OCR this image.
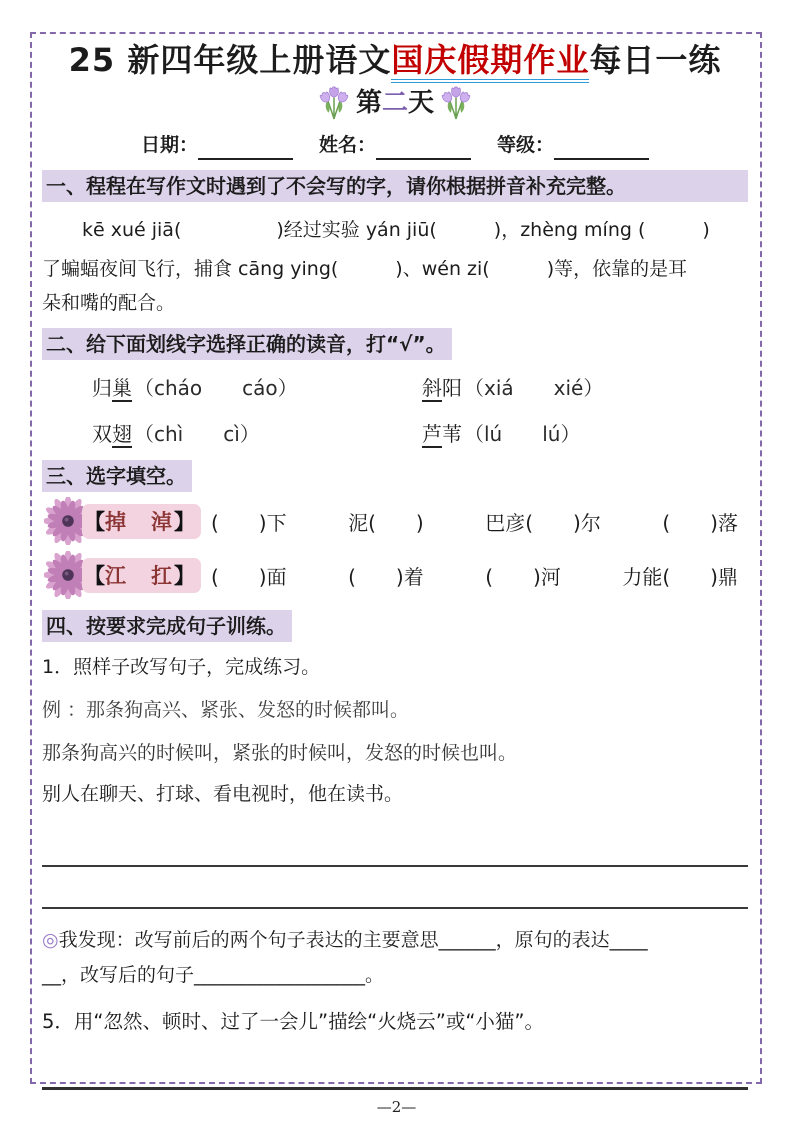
25 新四年级上册语文国庆假期作业每日一练
第二天
日期：	姓名：	等级：
一、程程在写作文时遇到了不会写的字，请你根据拼音补充完整。

kē xué jiā(　　　　　)经过实验 yán jiū(　　　)，zhèng míng (　　　)

了蝙蝠夜间飞行，捕食 cāng ying(　　　)、wén zi(　　　)等，依靠的是耳

朵和嘴的配合。

二、给下面划线字选择正确的读音，打“√”。
归巢 （cháo　　cáo）	斜阳 （xiá　　xié）
双翅 （chì　　cì）	芦苇 （lú　　lú）
三、选字填空。
【掉　淖】 (　　)下	泥(　　)	巴彦(　　)尔	(　　)落
【江　扛】 (　　)面	(　　)着	(　　)河	力能(　　)鼎
四、按要求完成句子训练。

1．照样子改写句子，完成练习。

例 ：那条狗高兴、紧张、发怒的时候都叫。

那条狗高兴的时候叫，紧张的时候叫，发怒的时候也叫。

别人在聊天、打球、看电视时，他在读书。

◎我发现：改写前后的两个句子表达的主要意思______，原句的表达____
__，改写后的句子__________________。

5．用“忽然、顿时、过了一会儿”描绘“火烧云”或“小猫”。

—2—
